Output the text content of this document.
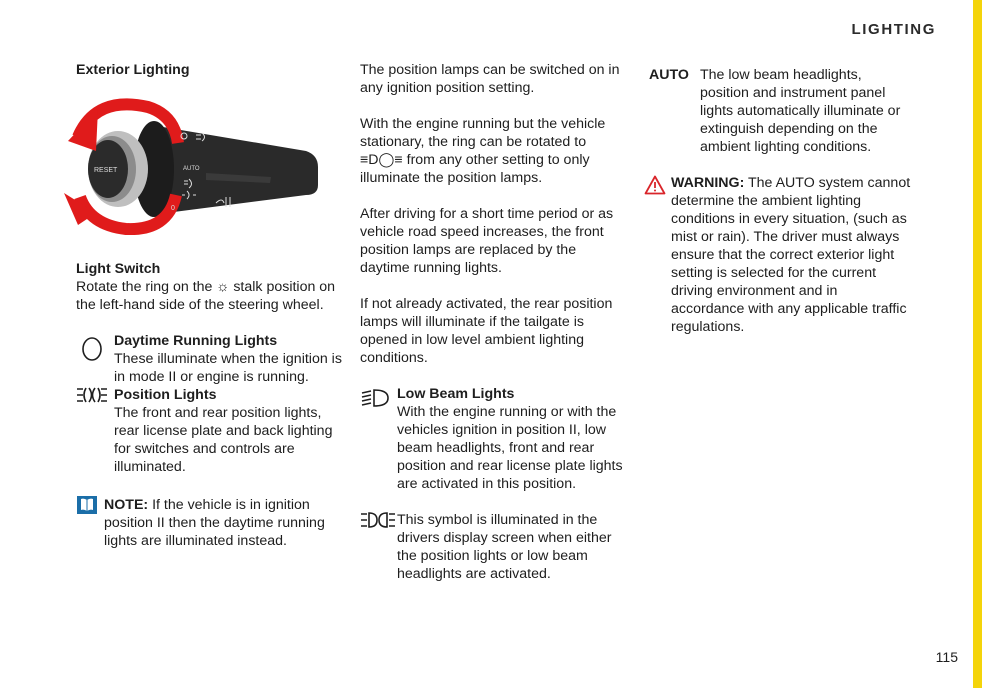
LIGHTING
115
Exterior Lighting
RESET	AUTO
0
Light Switch

Rotate the ring on the ☼ stalk position on the left-hand side of the steering wheel.

Daytime Running Lights

These illuminate when the ignition is in mode II or engine is running.

Position Lights

The front and rear position lights, rear license plate and back lighting for switches and controls are illuminated.

NOTE: If the vehicle is in ignition position II then the daytime running lights are illuminated instead.

The position lamps can be switched on in any ignition position setting.

With the engine running but the vehicle stationary, the ring can be rotated to ≡D◯≡ from any other setting to only illuminate the position lamps.

After driving for a short time period or as vehicle road speed increases, the front position lamps are replaced by the daytime running lights.

If not already activated, the rear position lamps will illuminate if the tailgate is opened in low level ambient lighting conditions.

Low Beam Lights

With the engine running or with the vehicles ignition in position II, low beam headlights, front and rear position and rear license plate lights are activated in this position.

This symbol is illuminated in the drivers display screen when either the position lights or low beam headlights are activated.

AUTO The low beam headlights, position and instrument panel lights automatically illuminate or extinguish depending on the ambient lighting conditions.

WARNING: The AUTO system cannot determine the ambient lighting conditions in every situation, (such as mist or rain). The driver must always ensure that the correct exterior light setting is selected for the current driving environment and in accordance with any applicable traffic regulations.
